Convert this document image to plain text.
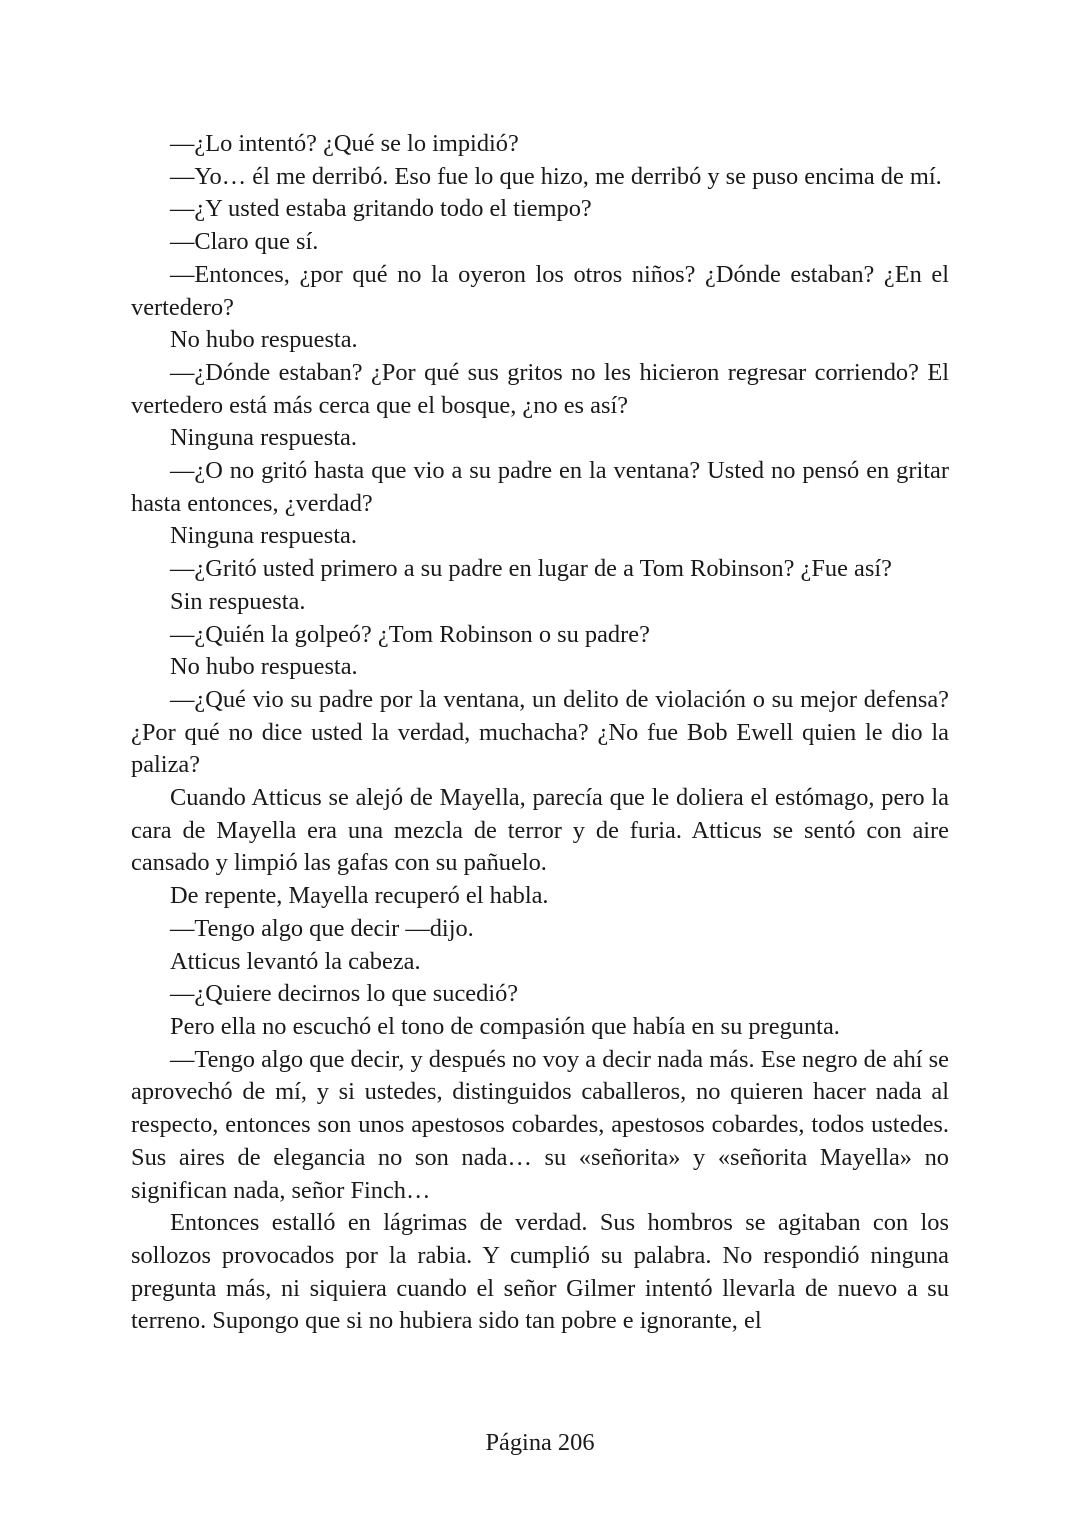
—¿Lo intentó? ¿Qué se lo impidió?

—Yo… él me derribó. Eso fue lo que hizo, me derribó y se puso encima de mí.

—¿Y usted estaba gritando todo el tiempo?

—Claro que sí.

—Entonces, ¿por qué no la oyeron los otros niños? ¿Dónde estaban? ¿En el vertedero?

No hubo respuesta.

—¿Dónde estaban? ¿Por qué sus gritos no les hicieron regresar corriendo? El vertedero está más cerca que el bosque, ¿no es así?

Ninguna respuesta.

—¿O no gritó hasta que vio a su padre en la ventana? Usted no pensó en gritar hasta entonces, ¿verdad?

Ninguna respuesta.

—¿Gritó usted primero a su padre en lugar de a Tom Robinson? ¿Fue así?

Sin respuesta.

—¿Quién la golpeó? ¿Tom Robinson o su padre?

No hubo respuesta.

—¿Qué vio su padre por la ventana, un delito de violación o su mejor defensa? ¿Por qué no dice usted la verdad, muchacha? ¿No fue Bob Ewell quien le dio la paliza?

Cuando Atticus se alejó de Mayella, parecía que le doliera el estómago, pero la cara de Mayella era una mezcla de terror y de furia. Atticus se sentó con aire cansado y limpió las gafas con su pañuelo.

De repente, Mayella recuperó el habla.

—Tengo algo que decir —dijo.

Atticus levantó la cabeza.

—¿Quiere decirnos lo que sucedió?

Pero ella no escuchó el tono de compasión que había en su pregunta.

—Tengo algo que decir, y después no voy a decir nada más. Ese negro de ahí se aprovechó de mí, y si ustedes, distinguidos caballeros, no quieren hacer nada al respecto, entonces son unos apestosos cobardes, apestosos cobardes, todos ustedes. Sus aires de elegancia no son nada… su «señorita» y «señorita Mayella» no significan nada, señor Finch…

Entonces estalló en lágrimas de verdad. Sus hombros se agitaban con los sollozos provocados por la rabia. Y cumplió su palabra. No respondió ninguna pregunta más, ni siquiera cuando el señor Gilmer intentó llevarla de nuevo a su terreno. Supongo que si no hubiera sido tan pobre e ignorante, el

Página 206
